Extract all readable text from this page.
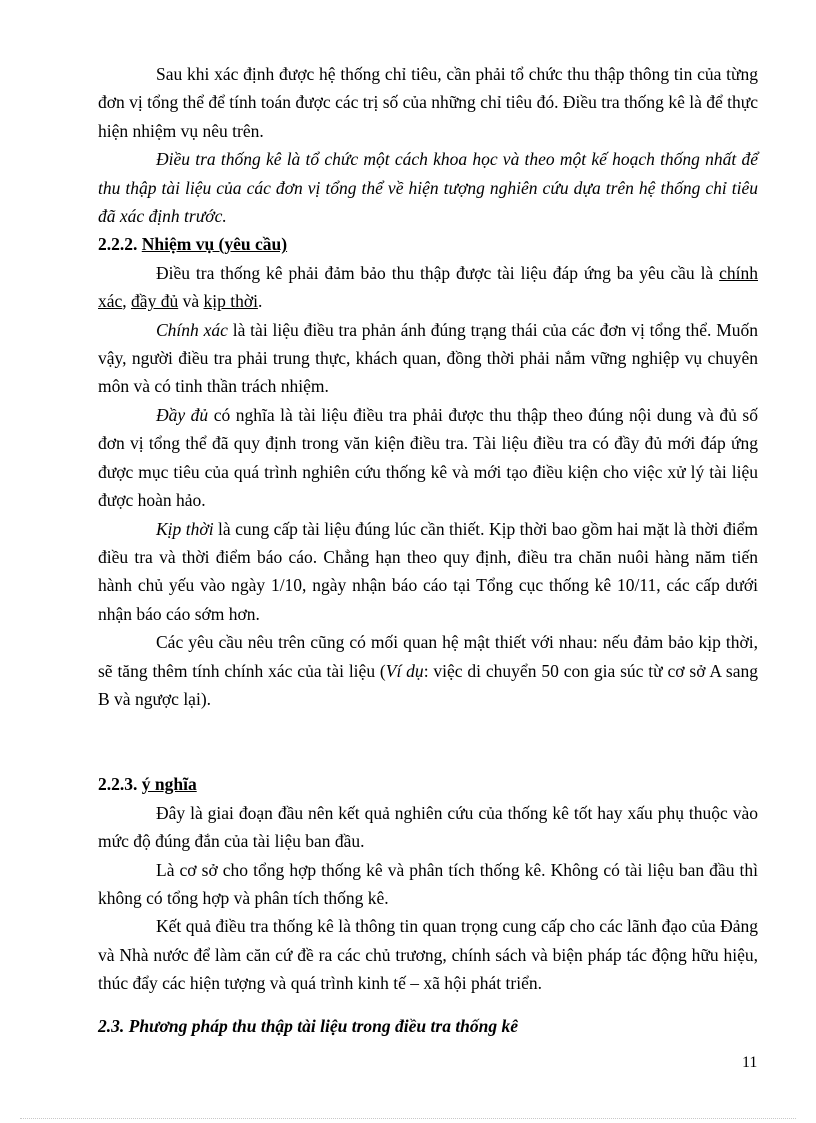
Sau khi xác định được hệ thống chỉ tiêu, cần phải tổ chức thu thập thông tin của từng đơn vị tổng thể để tính toán được các trị số của những chỉ tiêu đó. Điều tra thống kê là để thực hiện nhiệm vụ nêu trên.

Điều tra thống kê là tổ chức một cách khoa học và theo một kế hoạch thống nhất để thu thập tài liệu của các đơn vị tổng thể về hiện tượng nghiên cứu dựa trên hệ thống chỉ tiêu đã xác định trước.

2.2.2. Nhiệm vụ (yêu cầu)

Điều tra thống kê phải đảm bảo thu thập được tài liệu đáp ứng ba yêu cầu là chính xác, đầy đủ và kịp thời.

Chính xác là tài liệu điều tra phản ánh đúng trạng thái của các đơn vị tổng thể. Muốn vậy, người điều tra phải trung thực, khách quan, đồng thời phải nắm vững nghiệp vụ chuyên môn và có tinh thần trách nhiệm.

Đầy đủ có nghĩa là tài liệu điều tra phải được thu thập theo đúng nội dung và đủ số đơn vị tổng thể đã quy định trong văn kiện điều tra. Tài liệu điều tra có đầy đủ mới đáp ứng được mục tiêu của quá trình nghiên cứu thống kê và mới tạo điều kiện cho việc xử lý tài liệu được hoàn hảo.

Kịp thời là cung cấp tài liệu đúng lúc cần thiết. Kịp thời bao gồm hai mặt là thời điểm điều tra và thời điểm báo cáo. Chẳng hạn theo quy định, điều tra chăn nuôi hàng năm tiến hành chủ yếu vào ngày 1/10, ngày nhận báo cáo tại Tổng cục thống kê 10/11, các cấp dưới nhận báo cáo sớm hơn.

Các yêu cầu nêu trên cũng có mối quan hệ mật thiết với nhau: nếu đảm bảo kịp thời, sẽ tăng thêm tính chính xác của tài liệu (Ví dụ: việc di chuyển 50 con gia súc từ cơ sở A sang B và ngược lại).

2.2.3. ý nghĩa

Đây là giai đoạn đầu nên kết quả nghiên cứu của thống kê tốt hay xấu phụ thuộc vào mức độ đúng đắn của tài liệu ban đầu.

Là cơ sở cho tổng hợp thống kê và phân tích thống kê. Không có tài liệu ban đầu thì không có tổng hợp và phân tích thống kê.

Kết quả điều tra thống kê là thông tin quan trọng cung cấp cho các lãnh đạo của Đảng và Nhà nước để làm căn cứ đề ra các chủ trương, chính sách và biện pháp tác động hữu hiệu, thúc đẩy các hiện tượng và quá trình kinh tế – xã hội phát triển.

2.3. Phương pháp thu thập tài liệu trong điều tra thống kê

11
